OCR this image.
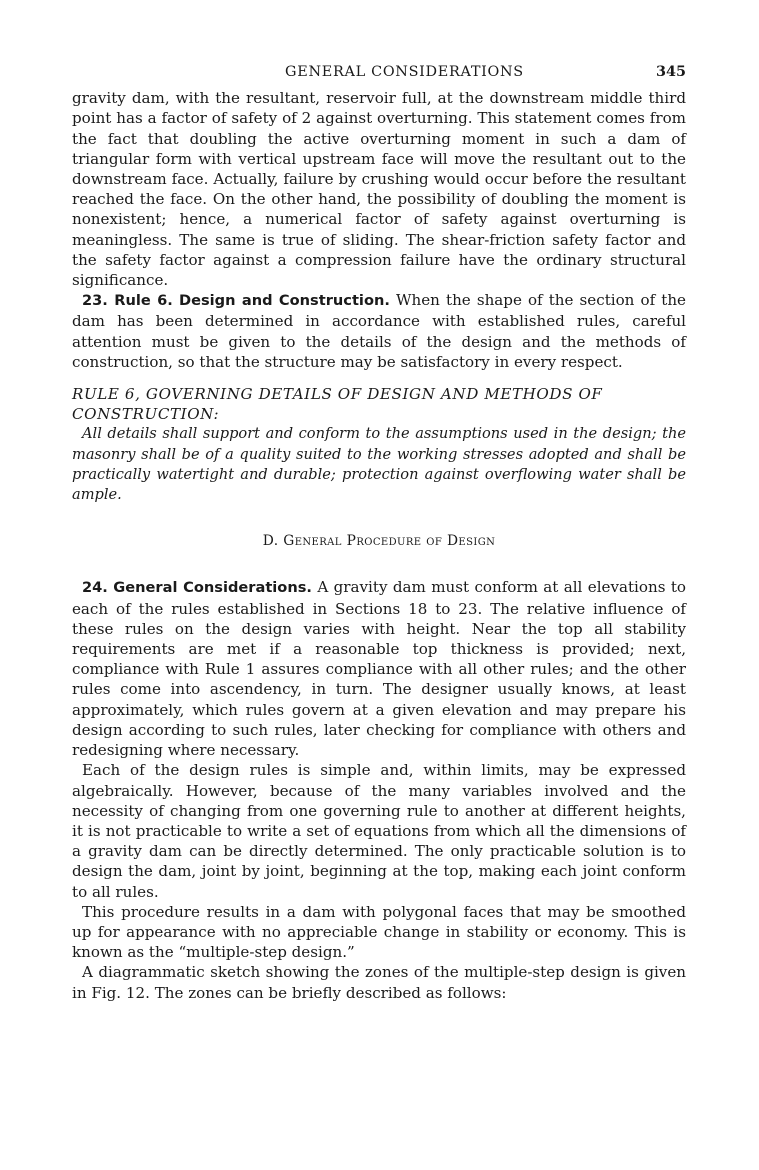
GENERAL CONSIDERATIONS	345

gravity dam, with the resultant, reservoir full, at the downstream middle third point has a factor of safety of 2 against overturning. This statement comes from the fact that doubling the active overturning moment in such a dam of triangular form with vertical upstream face will move the resultant out to the downstream face. Actually, failure by crushing would occur before the resultant reached the face. On the other hand, the possibility of doubling the moment is nonexistent; hence, a numerical factor of safety against overturning is meaningless. The same is true of sliding. The shear-friction safety factor and the safety factor against a compression failure have the ordinary structural significance.

23. Rule 6. Design and Construction. When the shape of the section of the dam has been determined in accordance with established rules, careful attention must be given to the details of the design and the methods of construction, so that the structure may be satisfactory in every respect.

RULE 6, GOVERNING DETAILS OF DESIGN AND METHODS OF CONSTRUCTION:
All details shall support and conform to the assumptions used in the design; the masonry shall be of a quality suited to the working stresses adopted and shall be practically watertight and durable; protection against overflowing water shall be ample.
D. General Procedure of Design

24. General Considerations. A gravity dam must conform at all elevations to each of the rules established in Sections 18 to 23. The relative influence of these rules on the design varies with height. Near the top all stability requirements are met if a reasonable top thickness is provided; next, compliance with Rule 1 assures compliance with all other rules; and the other rules come into ascendency, in turn. The designer usually knows, at least approximately, which rules govern at a given elevation and may prepare his design according to such rules, later checking for compliance with others and redesigning where necessary.

Each of the design rules is simple and, within limits, may be expressed algebraically. However, because of the many variables involved and the necessity of changing from one governing rule to another at different heights, it is not practicable to write a set of equations from which all the dimensions of a gravity dam can be directly determined. The only practicable solution is to design the dam, joint by joint, beginning at the top, making each joint conform to all rules.

This procedure results in a dam with polygonal faces that may be smoothed up for appearance with no appreciable change in stability or economy. This is known as the “multiple-step design.”

A diagrammatic sketch showing the zones of the multiple-step design is given in Fig. 12. The zones can be briefly described as follows:
